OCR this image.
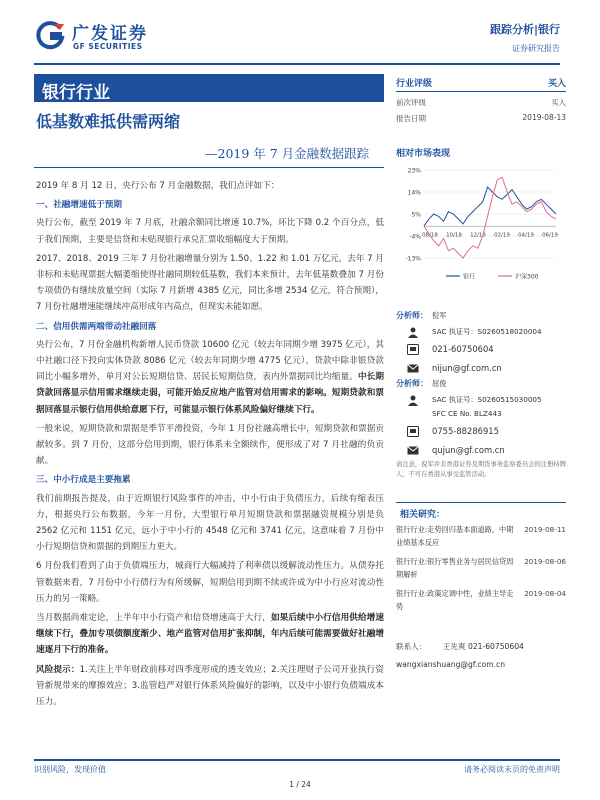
广发证券
GF SECURITIES
跟踪分析|银行
证券研究报告
银行行业
低基数难抵供需两缩
—2019 年 7 月金融数据跟踪

2019 年 8 月 12 日，央行公布 7 月金融数据，我们点评如下：

一、社融增速低于预期

央行公布，截至 2019 年 7 月底，社融余额同比增速 10.7%，环比下降 0.2 个百分点，低于我们预期，主要是信贷和未贴现银行承兑汇票收缩幅度大于预期。

2017、2018、2019 三年 7 月份社融增量分别为 1.50、1.22 和 1.01 万亿元，去年 7 月非标和未贴现票据大幅萎缩使得社融同期较低基数，我们本来预计，去年低基数叠加 7 月份专项债仍有继续放量空间（实际 7 月新增 4385 亿元，同比多增 2534 亿元，符合预期），7 月份社融增速能继续冲高形成年内高点，但现实未能如愿。

二、信用供需两端带动社融回落

央行公布，7 月份金融机构新增人民币贷款 10600 亿元（较去年同期少增 3975 亿元），其中社融口径下投向实体贷款 8086 亿元（较去年同期少增 4775 亿元），贷款中除非银贷款同比小幅多增外，单月对公长短期信贷、居民长短期信贷，表内外票据同比均缩量。中长期贷款回落显示信用需求继续走弱，可能开始反应地产监管对信用需求的影响。短期贷款和票据回落显示银行信用供给意愿下行，可能显示银行体系风险偏好继续下行。

一般来说，短期贷款和票据是季节平滑投资，今年 1 月份社融高增长中，短期贷款和票据贡献较多。到 7 月份，这部分信用到期，银行体系未全额续作，便形成了对 7 月社融的负贡献。

三、中小行成是主要拖累

我们前期报告提及，由于近期银行风险事件的冲击，中小行由于负债压力，后续有缩表压力，根据央行公布数据，今年一月份，大型银行单月短期贷款和票据融资规模分别是负 2562 亿元和 1151 亿元，远小于中小行的 4548 亿元和 3741 亿元，这意味着 7 月份中小行短期信贷和票据的到期压力更大。

6 月份我们看到了由于负债端压力，城商行大幅减持了利率债以缓解流动性压力。从债券托管数据来看，7 月份中小行债行为有所缓解，短期信用到期不续或许成为中小行应对流动性压力的另一策略。

当月数据尚难定论，上半年中小行资产和信贷增速高于大行，如果后续中小行信用供给增速继续下行，叠加专项债额度渐少、地产监管对信用扩张抑制，年内后续可能需要做好社融增速逐月下行的准备。

风险提示：1.关注上半年财政前移对四季度形成的透支效应；2.关注理财子公司开业执行资管新规带来的摩擦效应；3.监管趋严对银行体系风险偏好的影响，以及中小银行负债端成本压力。

行业评级	买入
前次评级	买入
报告日期	2019-08-13
相对市场表现
23%
14%
5%
-4%
-13%
08/18 10/18 12/18 02/19 04/19 06/19
银行	沪深300
分析师： 倪军
SAC 执证号：S0260518020004
021-60750604
nijun@gf.com.cn
分析师： 屈俊
SAC 执证号：S0260515030005
SFC CE No. BLZ443
0755-88286915
qujun@gf.com.cn
请注意，倪军并非香港证券及期货事务监察委员会的注册持牌人，不可在香港从事受监管活动。
相关研究：
银行行业:走势回归基本面道路，中期业绩基本反应
2019-08-11
银行行业:银行零售业务与居民信贷周期解析
2019-08-06
银行行业:政策定调中性，业绩主导走势
2019-08-04
联系人： 王先爽 021-60750604
wangxianshuang@gf.com.cn
识别风险，发现价值	请务必阅读末页的免责声明
1 / 24
